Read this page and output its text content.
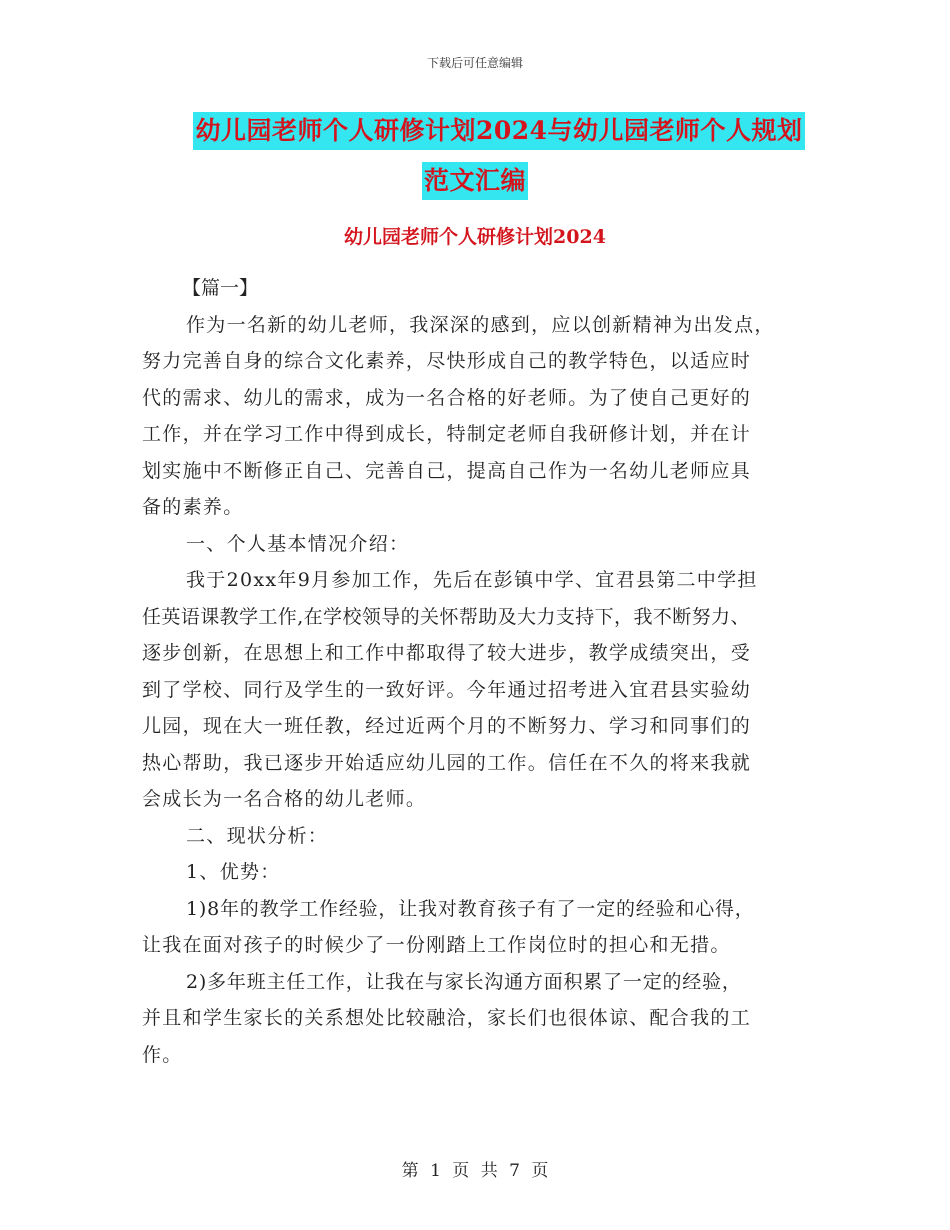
下载后可任意编辑
幼儿园老师个人研修计划2024与幼儿园老师个人规划
范文汇编
幼儿园老师个人研修计划2024
【篇一】
作为一名新的幼儿老师，我深深的感到，应以创新精神为出发点，
努力完善自身的综合文化素养，尽快形成自己的教学特色，以适应时
代的需求、幼儿的需求，成为一名合格的好老师。为了使自己更好的
工作，并在学习工作中得到成长，特制定老师自我研修计划，并在计
划实施中不断修正自己、完善自己，提高自己作为一名幼儿老师应具
备的素养。
一、个人基本情况介绍：
我于20xx年9月参加工作，先后在彭镇中学、宜君县第二中学担
任英语课教学工作,在学校领导的关怀帮助及大力支持下，我不断努力、
逐步创新，在思想上和工作中都取得了较大进步，教学成绩突出，受
到了学校、同行及学生的一致好评。今年通过招考进入宜君县实验幼
儿园，现在大一班任教，经过近两个月的不断努力、学习和同事们的
热心帮助，我已逐步开始适应幼儿园的工作。信任在不久的将来我就
会成长为一名合格的幼儿老师。
二、现状分析：
1、优势：
1)8年的教学工作经验，让我对教育孩子有了一定的经验和心得，
让我在面对孩子的时候少了一份刚踏上工作岗位时的担心和无措。
2)多年班主任工作，让我在与家长沟通方面积累了一定的经验，
并且和学生家长的关系想处比较融洽，家长们也很体谅、配合我的工
作。
第 1 页 共 7 页
